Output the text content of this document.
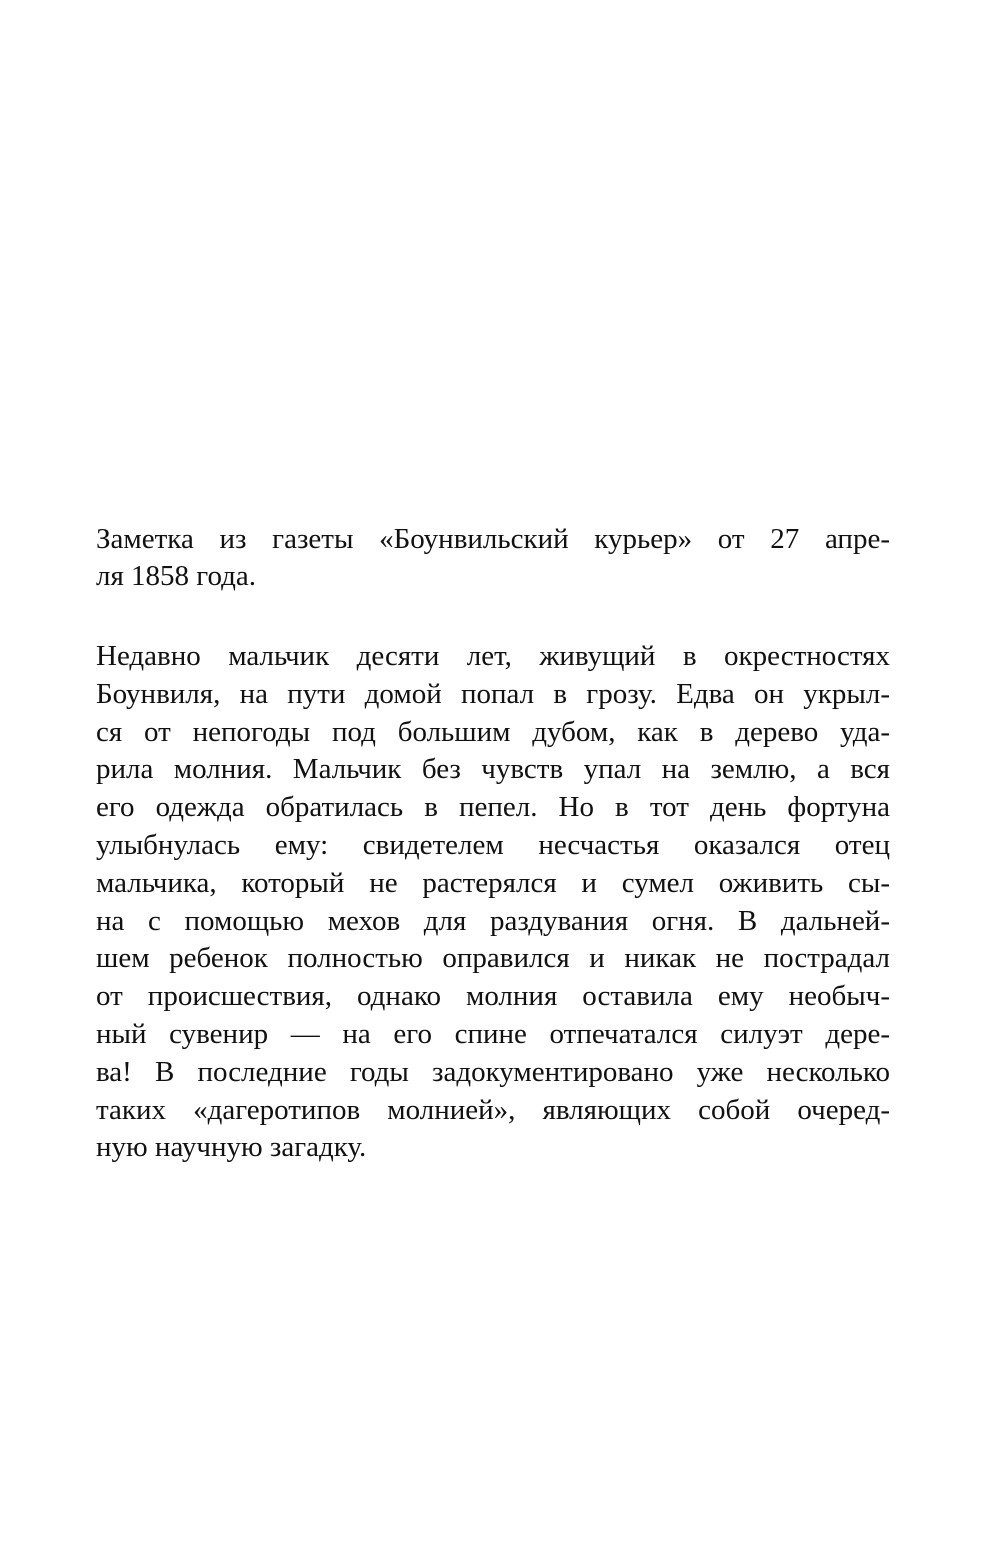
Заметка из газеты «Боунвильский курьер» от 27 апре-
ля 1858 года.
Недавно мальчик десяти лет, живущий в окрестностях
Боунвиля, на пути домой попал в грозу. Едва он укрыл-
ся от непогоды под большим дубом, как в дерево уда-
рила молния. Мальчик без чувств упал на землю, а вся
его одежда обратилась в пепел. Но в тот день фортуна
улыбнулась ему: свидетелем несчастья оказался отец
мальчика, который не растерялся и сумел оживить сы-
на с помощью мехов для раздувания огня. В дальней-
шем ребенок полностью оправился и никак не пострадал
от происшествия, однако молния оставила ему необыч-
ный сувенир — на его спине отпечатался силуэт дере-
ва! В последние годы задокументировано уже несколько
таких «дагеротипов молнией», являющих собой очеред-
ную научную загадку.
